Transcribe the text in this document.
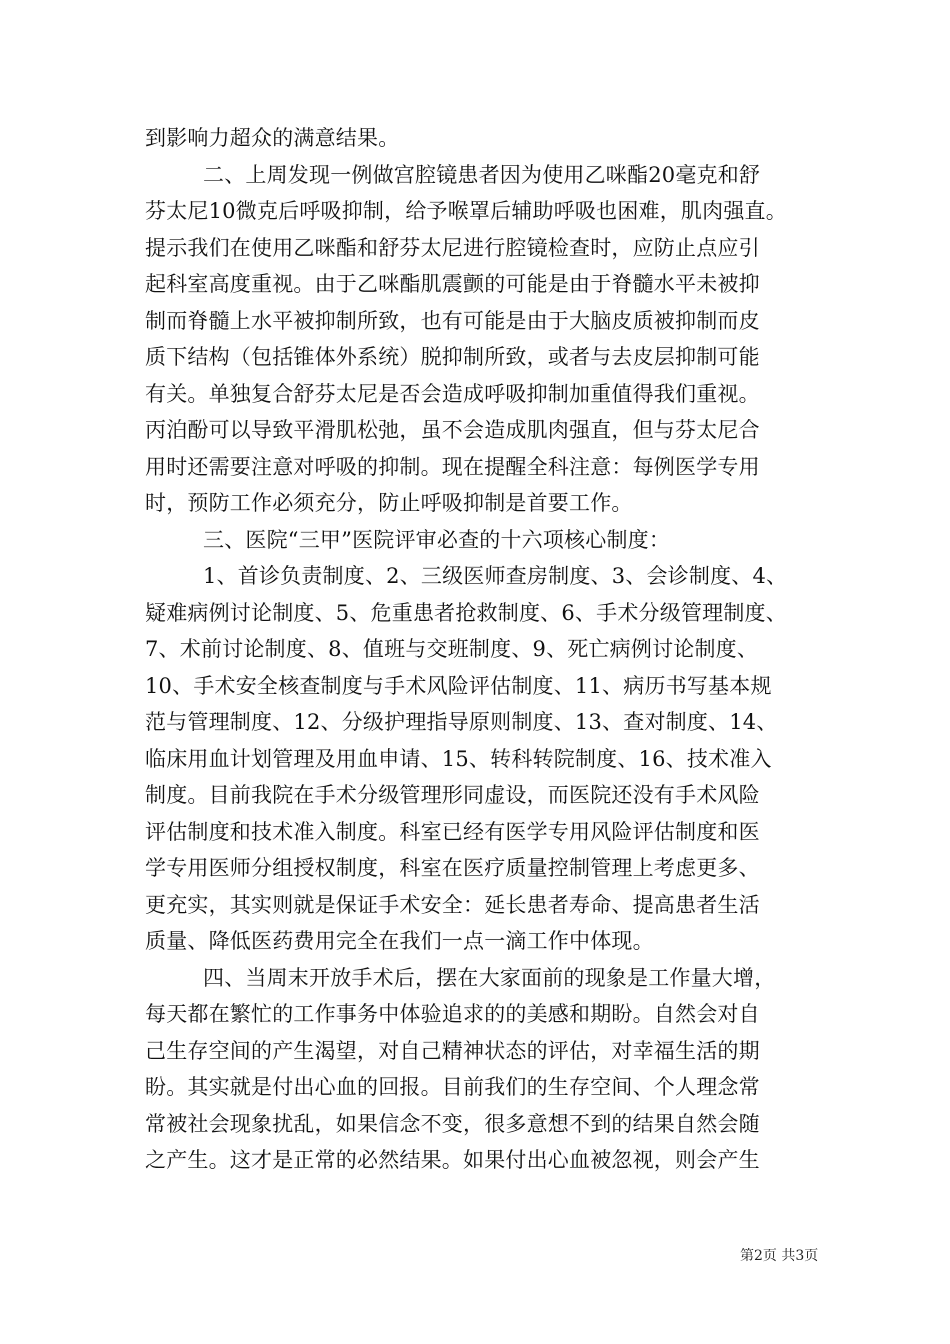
到影响力超众的满意结果。
二、上周发现一例做宫腔镜患者因为使用乙咪酯20毫克和舒
芬太尼10微克后呼吸抑制，给予喉罩后辅助呼吸也困难，肌肉强直。
提示我们在使用乙咪酯和舒芬太尼进行腔镜检查时，应防止点应引
起科室高度重视。由于乙咪酯肌震颤的可能是由于脊髓水平未被抑
制而脊髓上水平被抑制所致，也有可能是由于大脑皮质被抑制而皮
质下结构（包括锥体外系统）脱抑制所致，或者与去皮层抑制可能
有关。单独复合舒芬太尼是否会造成呼吸抑制加重值得我们重视。
丙泊酚可以导致平滑肌松弛，虽不会造成肌肉强直，但与芬太尼合
用时还需要注意对呼吸的抑制。现在提醒全科注意：每例医学专用
时，预防工作必须充分，防止呼吸抑制是首要工作。
三、医院“三甲”医院评审必查的十六项核心制度：
1、首诊负责制度、2、三级医师查房制度、3、会诊制度、4、
疑难病例讨论制度、5、危重患者抢救制度、6、手术分级管理制度、
7、术前讨论制度、8、值班与交班制度、9、死亡病例讨论制度、
10、手术安全核查制度与手术风险评估制度、11、病历书写基本规
范与管理制度、12、分级护理指导原则制度、13、查对制度、14、
临床用血计划管理及用血申请、15、转科转院制度、16、技术准入
制度。目前我院在手术分级管理形同虚设，而医院还没有手术风险
评估制度和技术准入制度。科室已经有医学专用风险评估制度和医
学专用医师分组授权制度，科室在医疗质量控制管理上考虑更多、
更充实，其实则就是保证手术安全：延长患者寿命、提高患者生活
质量、降低医药费用完全在我们一点一滴工作中体现。
四、当周末开放手术后，摆在大家面前的现象是工作量大增，
每天都在繁忙的工作事务中体验追求的的美感和期盼。自然会对自
己生存空间的产生渴望，对自己精神状态的评估，对幸福生活的期
盼。其实就是付出心血的回报。目前我们的生存空间、个人理念常
常被社会现象扰乱，如果信念不变，很多意想不到的结果自然会随
之产生。这才是正常的必然结果。如果付出心血被忽视，则会产生
第2页 共3页
